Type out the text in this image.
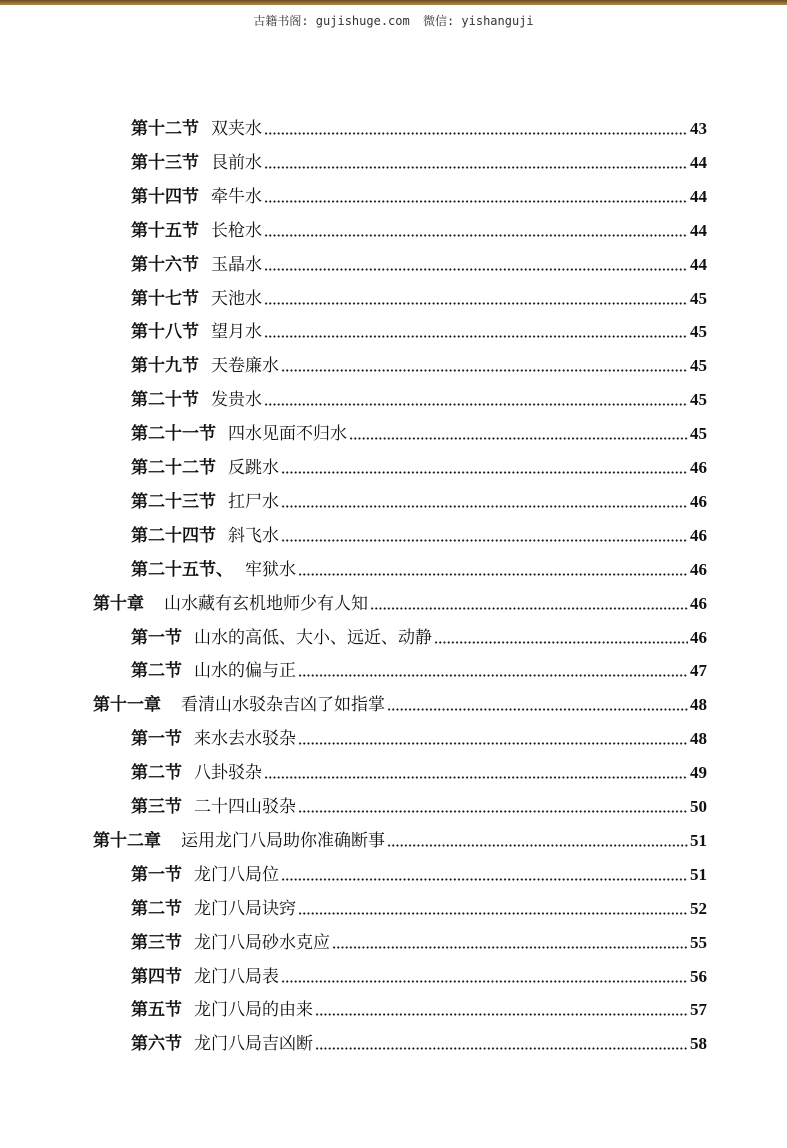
古籍书阁: gujishuge.com 微信: yishanguji
第十二节 双夹水	43
第十三节 艮前水	44
第十四节 牵牛水	44
第十五节 长枪水	44
第十六节 玉晶水	44
第十七节 天池水	45
第十八节 望月水	45
第十九节 天卷廉水	45
第二十节 发贵水	45
第二十一节 四水见面不归水	45
第二十二节 反跳水	46
第二十三节 扛尸水	46
第二十四节 斜飞水	46
第二十五节、 牢狱水	46
第十章 山水藏有玄机地师少有人知	46
第一节 山水的高低、大小、远近、动静	46
第二节 山水的偏与正	47
第十一章 看清山水驳杂吉凶了如指掌	48
第一节 来水去水驳杂	48
第二节 八卦驳杂	49
第三节 二十四山驳杂	50
第十二章 运用龙门八局助你准确断事	51
第一节 龙门八局位	51
第二节 龙门八局诀窍	52
第三节 龙门八局砂水克应	55
第四节 龙门八局表	56
第五节 龙门八局的由来	57
第六节 龙门八局吉凶断	58
